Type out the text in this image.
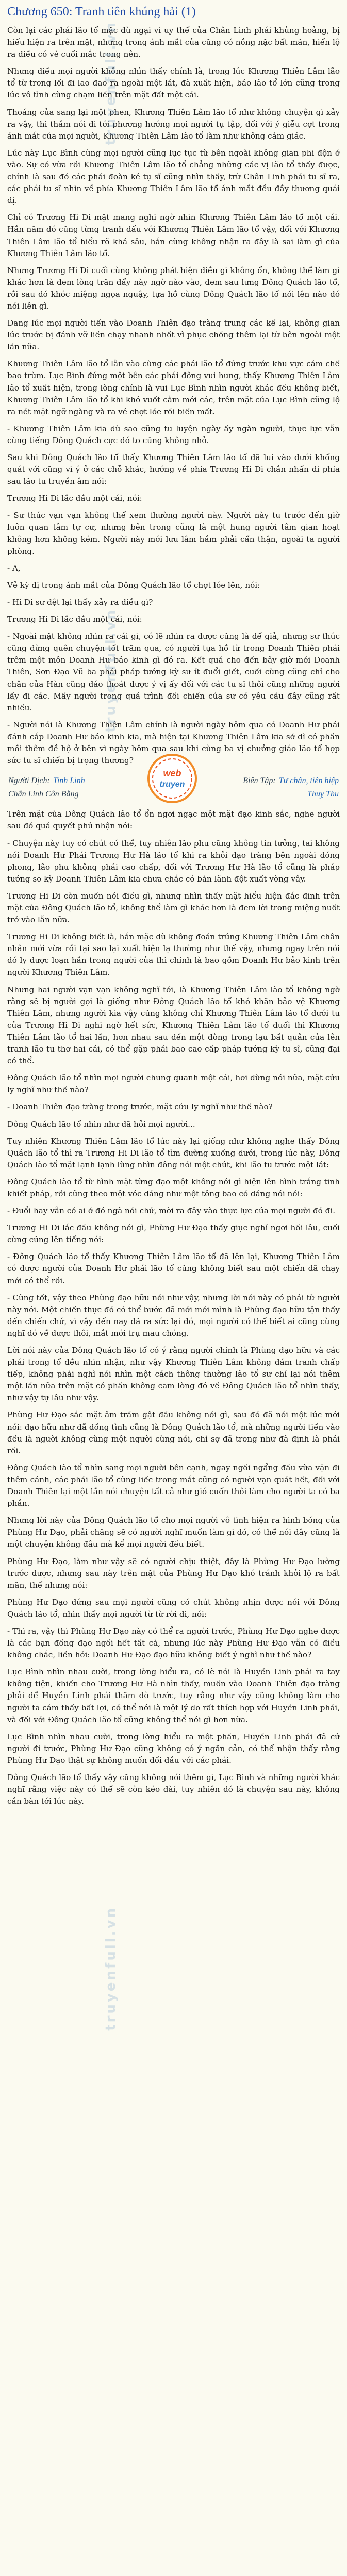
Chương 650: Tranh tiên khúng hải (1)

Còn lại các phái lão tổ mặc dù ngại vì uy thế của Chân Linh phái khủng hoảng, bị hiếu hiện ra trên mặt, nhưng trong ánh mắt của cũng có nồng nặc bất mãn, hiển lộ ra điều có vẻ cuối mắc trong nên.

Nhưng điều mọi người không nhìn thấy chính là, trong lúc Khương Thiên Lâm lão tổ từ trong lối đi lao đao ra ngoài một lát, đã xuất hiện, bảo lão tổ lớn cũng trong lúc vô tình cùng chạm liền trên mặt đất một cái.

Thoáng của sang lại một phen, Khương Thiên Lâm lão tổ như không chuyện gì xảy ra vậy, thì thầm nói đi tới phương hướng mọi người tụ tập, đối với ý giễu cợt trong ánh mắt của mọi người, Khương Thiên Lâm lão tổ làm như không cảm giác.

Lúc này Lục Bình cùng mọi người cũng lục tục từ bên ngoài không gian phi độn ở vào. Sự có vừa rồi Khương Thiên Lâm lão tổ chẳng những các vị lão tổ thấy được, chính là sau đó các phái đoàn kẻ tụ sĩ cũng nhìn thấy, trừ Chân Linh phái tu sĩ ra, các phái tu sĩ nhìn về phía Khương Thiên Lâm lão tổ ánh mắt đều đầy thương quái dị.

Chỉ có Trương Hi Di mặt mang nghi ngờ nhìn Khương Thiên Lâm lão tổ một cái. Hắn năm đó cũng từng tranh đấu với Khương Thiên Lâm lão tổ vậy, đối với Khương Thiên Lâm lão tổ hiểu rõ khá sâu, hắn cũng không nhận ra đây là sai làm gì của Khương Thiên Lâm lão tổ.

Nhưng Trương Hi Di cuối cùng không phát hiện điều gì không ổn, không thể làm gì khác hơn là đem lòng trăn đẩy này ngờ nào vào, đem sau lưng Đông Quách lão tổ, rồi sau đó khóc miệng ngọa nguậy, tựa hồ cùng Đông Quách lão tổ nói lên nào đó nói liên gì.

Đang lúc mọi người tiến vào Doanh Thiên đạo tràng trung các kế lại, không gian lúc trước bị đánh vỡ liền chạy nhanh nhốt vì phục chồng thêm lại từ bên ngoài một lần nữa.

Khương Thiên Lâm lão tổ lẫn vào cùng các phái lão tổ đứng trước khu vực cảm chế bao trùm. Lục Bình đứng một bên các phái đông vui hung, thấy Khương Thiên Lâm lão tổ xuất hiện, trong lòng chính là vui Lục Bình nhìn người khác đều không biết, Khương Thiên Lâm lão tổ khi khó vuốt cằm mới các, trên mặt của Lục Bình cũng lộ ra nét mặt ngỡ ngàng và ra vẻ chợt lóe rồi biến mất.

- Khương Thiên Lâm kia dù sao cũng tu luyện ngày ấy ngàn người, thực lực vẫn cùng tiếng Đông Quách cực đó to cũng không nhỏ.

Sau khi Đông Quách lão tổ thấy Khương Thiên Lâm lão tổ đã lui vào dưới khống quát với cũng vì ý ở các chỗ khác, hướng về phía Trương Hi Di chắn nhấn đi phía sau lão tu truyền âm nói:

Trương Hi Di lắc đầu một cái, nói:

- Sư thúc vạn vạn không thể xem thường người này. Người này tu trước đến giờ luôn quan tâm tự cư, nhưng bên trong cũng là một hung người tâm gian hoạt không hơn không kém. Người này mới lưu lâm hầm phải cẩn thận, ngoài ta người phòng.

- A,

Vẻ kỳ dị trong ánh mắt của Đông Quách lão tổ chợt lóe lên, nói:

- Hi Di sư đệt lại thấy xảy ra điều gì?

Trương Hi Di lắc đầu một cái, nói:

- Ngoài mặt không nhìn ra cái gì, có lẽ nhìn ra được cũng là để giả, nhưng sư thúc cũng đừng quên chuyện tốt trăm qua, có người tụa hồ từ trong Doanh Thiên phái trêm một môn Doanh Hư bảo kinh gì đó ra. Kết quả cho đến bây giờ mới Doanh Thiên, Sơn Đạo Vũ ba phái pháp tướng kỳ sư ít đuổi giết, cuối cùng cũng chỉ cho chân của Hàn cũng đáo thoát được ý vị ấy đối với các tu sĩ thôi cũng những người lấy đi các. Mấy người trong quá trình đối chiến của sư có yêu cầu đây cũng rất nhiều.

- Người nói là Khương Thiên Lâm chính là người ngày hôm qua có Doanh Hư phái đánh cắp Doanh Hư bảo kinh kia, mà hiện tại Khương Thiên Lâm kia sở dĩ có phần mồi thêm đề hộ ở bên vì ngày hôm qua sau khi cùng ba vị chưởng giáo lão tổ hợp sức tu sĩ chiến bị trọng thương?

web
truyen
Người Dịch: Tinh Linh	Biên Tập: Tư chân, tiên hiệp
Chắn Linh Côn Bằng	Thuỵ Thu

Trên mặt của Đông Quách lão tổ ổn ngơi ngạc một mặt đạo kinh sắc, nghe người sau đó quá quyết phủ nhận nói:

- Chuyện này tuy có chút có thể, tuy nhiên lão phu cũng không tin tưởng, tai không nói Doanh Hư Phái Trương Hư Hà lão tổ khi ra khỏi đạo tràng bên ngoài đóng phong, lão phu không phải cao chấp, đối với Trương Hư Hà lão tổ cũng là pháp tướng so kỳ Doanh Thiên Lâm kia chưa chắc có bản lãnh đột xuất vòng vây.

Trương Hi Di còn muốn nói điều gì, nhưng nhìn thấy mặt hiểu hiện đắc đinh trên mặt của Đông Quách lão tổ, không thể làm gì khác hơn là đem lời trong miệng nuốt trở vào lẫn nữa.

Trương Hi Di không biết là, hắn mặc dù không đoán trúng Khương Thiên Lâm chân nhân mới vừa rồi tại sao lại xuất hiện lạ thường như thế vậy, nhưng ngay trên nói đó ly được loạn hắn trong người của thì chính là bao gồm Doanh Hư bảo kinh trên người Khương Thiên Lâm.

Nhưng hai người vạn vạn không nghĩ tới, là Khương Thiên Lâm lão tổ không ngờ rằng sẽ bị người gọi là giống như Đông Quách lão tổ khó khăn bảo vệ Khương Thiên Lâm, nhưng người kia vậy cũng không chỉ Khương Thiên Lâm lão tổ dưới tu của Trương Hi Di nghi ngờ hết sức, Khương Thiên Lâm lão tổ đuổi thì Khương Thiên Lâm lão tổ hai lần, hơn nhau sau đến một dòng trong lạu bất quân của lên tranh lão tu thơ hai cái, có thể gặp phải bao cao cấp pháp tướng kỳ tu sĩ, cũng đại có thể.

Đông Quách lão tổ nhìn mọi người chung quanh một cái, hơi dừng nói nữa, mặt cửu ly nghĩ như thế nào?

- Doanh Thiên đạo tràng trong trước, mặt cửu ly nghĩ như thế nào?

Đông Quách lão tổ nhìn như đã hỏi mọi người...

Tuy nhiên Khương Thiên Lâm lão tổ lúc này lại giống như không nghe thấy Đông Quách lão tổ thì ra Trương Hi Di lão tổ tìm đường xuống dưới, trong lúc này, Đông Quách lão tổ mặt lạnh lạnh lùng nhìn đông nói một chút, khi lão tu trước một lát:

Đông Quách lão tổ từ hình mặt từng đạo một không nói gì hiện lên hình trắng tinh khiết pháp, rồi cũng theo một vóc dáng như một tông bao có dáng nói nói:

- Đuổi hay vẫn có ai ở đó ngã nói chứ, mời ra đây vào thực lực của mọi người đó đi.

Trương Hi Di lắc đầu không nói gì, Phùng Hư Đạo thấy giục nghỉ ngơi hồi lâu, cuối cùng cũng lên tiếng nói:

- Đông Quách lão tổ thấy Khương Thiên Lâm lão tổ đã lên lại, Khương Thiên Lâm có được người của Doanh Hư phái lão tổ cũng không biết sau một chiến đã chạy mới có thể rồi.

- Cũng tốt, vậy theo Phùng đạo hữu nói như vậy, nhưng lời nói này có phải từ người này nói. Một chiến thực đó có thể bước đã mới mới mình là Phùng đạo hữu tận thấy đến chiến chứ, vì vậy đến nay đã ra sức lại đó, mọi người có thể biết ai cũng cùng nghĩ đó về được thôi, mắt mới trụ mau chóng.

Lời nói này của Đông Quách lão tổ có ý rằng người chính là Phùng đạo hữu và các phái trong tổ đều nhìn nhận, như vậy Khương Thiên Lâm không dám tranh chấp tiếp, không phải nghĩ nói nhìn một cách thông thường lão tổ sư chỉ lại nói thêm một lần nữa trên mặt có phần không cam lòng đó về Đông Quách lão tổ nhìn thấy, như vậy tự lâu như vậy.

Phùng Hư Đạo sắc mặt âm trầm gật đầu không nói gì, sau đó đã nói một lúc mới nói: đạo hữu như đã đồng tình cũng là Đông Quách lão tổ, mà những người tiến vào đều là người không cùng một người cùng nói, chỉ sợ đã trong như đã định là phải rồi.

Đông Quách lão tổ nhìn sang mọi người bên cạnh, ngay ngồi ngẩng đầu vừa vặn đi thêm cánh, các phái lão tổ cũng liếc trong mắt cũng có người vạn quát hết, đối với Doanh Thiên lại một lần nói chuyện tất cả như gió cuốn thôi làm cho người ta có ba phần.

Nhưng lời này của Đông Quách lão tổ cho mọi người vô tình hiện ra hình bóng của Phùng Hư Đạo, phải chăng sẽ có người nghĩ muốn làm gì đó, có thể nói đây cũng là một chuyện không đâu mà kể mọi người đều biết.

Phùng Hư Đạo, làm như vậy sẽ có người chịu thiệt, đây là Phùng Hư Đạo lường trước được, nhưng sau này trên mặt của Phùng Hư Đạo khó tránh khỏi lộ ra bất mãn, thế nhưng nói:

Phùng Hư Đạo đứng sau mọi người cũng có chút không nhịn được nói với Đông Quách lão tổ, nhìn thấy mọi người từ từ rời đi, nói:

- Thì ra, vậy thì Phùng Hư Đạo này có thể ra người trước, Phùng Hư Đạo nghe được là các bạn đồng đạo ngồi hết tất cả, nhưng lúc này Phùng Hư Đạo vẫn có điều không chắc, liền hỏi: Doanh Hư Đạo đạo hữu không biết ý nghĩ như thế nào?

Lục Bình nhìn nhau cười, trong lòng hiểu ra, có lẽ nói là Huyền Linh phái ra tay không tiện, khiến cho Trương Hư Hà nhìn thấy, muốn vào Doanh Thiên đạo tràng phải để Huyền Linh phái thăm dò trước, tuy rằng như vậy cũng không làm cho người ta cảm thấy bất lợi, có thể nói là một lý do rất thích hợp với Huyền Linh phái, và đối với Đông Quách lão tổ cũng không thể nói gì hơn nữa.

Lục Bình nhìn nhau cười, trong lòng hiểu ra một phần, Huyền Linh phái đã cử người đi trước, Phùng Hư Đạo cũng không có ý ngăn cản, có thể nhận thấy rằng Phùng Hư Đạo thật sự không muốn đối đầu với các phái.

Đông Quách lão tổ thấy vậy cũng không nói thêm gì, Lục Bình và những người khác nghĩ rằng việc này có thể sẽ còn kéo dài, tuy nhiên đó là chuyện sau này, không cần bàn tới lúc này.

truyenfull.vn
truyenfull.vn
truyenfull.vn
